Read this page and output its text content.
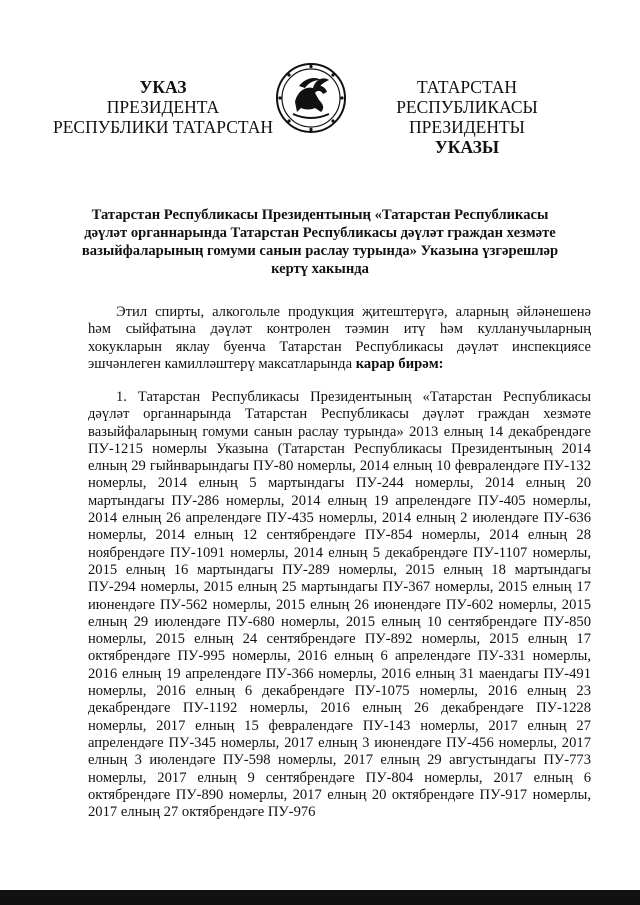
УКАЗ
ПРЕЗИДЕНТА
РЕСПУБЛИКИ ТАТАРСТАН
ТАТАРСТАН РЕСПУБЛИКАСЫ
ПРЕЗИДЕНТЫ
УКАЗЫ
Татарстан Республикасы Президентының «Татарстан Республикасы дәүләт органнарында Татарстан Республикасы дәүләт граждан хезмәте вазыйфаларының гомуми санын раслау турында» Указына үзгәрешләр кертү хакында
Этил спирты, алкогольле продукция җитештерүгә, аларның әйләнешенә һәм сыйфатына дәүләт контролен тәэмин итү һәм кулланучыларның хокукларын яклау буенча Татарстан Республикасы дәүләт инспекциясе эшчәнлеген камилләштерү максатларында карар бирәм:
1. Татарстан Республикасы Президентының «Татарстан Республикасы дәүләт органнарында Татарстан Республикасы дәүләт граждан хезмәте вазыйфаларының гомуми санын раслау турында» 2013 елның 14 декабрендәге ПУ-1215 номерлы Указына (Татарстан Республикасы Президентының 2014 елның 29 гыйнварындагы ПУ-80 номерлы, 2014 елның 10 февралендәге ПУ-132 номерлы, 2014 елның 5 мартындагы ПУ-244 номерлы, 2014 елның 20 мартындагы ПУ-286 номерлы, 2014 елның 19 апрелендәге ПУ-405 номерлы, 2014 елның 26 апрелендәге ПУ-435 номерлы, 2014 елның 2 июлендәге ПУ-636 номерлы, 2014 елның 12 сентябрендәге ПУ-854 номерлы, 2014 елның 28 ноябрендәге ПУ-1091 номерлы, 2014 елның 5 декабрендәге ПУ-1107 номерлы, 2015 елның 16 мартындагы ПУ-289 номерлы, 2015 елның 18 мартындагы ПУ-294 номерлы, 2015 елның 25 мартындагы ПУ-367 номерлы, 2015 елның 17 июнендәге ПУ-562 номерлы, 2015 елның 26 июнендәге ПУ-602 номерлы, 2015 елның 29 июлендәге ПУ-680 номерлы, 2015 елның 10 сентябрендәге ПУ-850 номерлы, 2015 елның 24 сентябрендәге ПУ-892 номерлы, 2015 елның 17 октябрендәге ПУ-995 номерлы, 2016 елның 6 апрелендәге ПУ-331 номерлы, 2016 елның 19 апрелендәге ПУ-366 номерлы, 2016 елның 31 маендагы ПУ-491 номерлы, 2016 елның 6 декабрендәге ПУ-1075 номерлы, 2016 елның 23 декабрендәге ПУ-1192 номерлы, 2016 елның 26 декабрендәге ПУ-1228 номерлы, 2017 елның 15 февралендәге ПУ-143 номерлы, 2017 елның 27 апрелендәге ПУ-345 номерлы, 2017 елның 3 июнендәге ПУ-456 номерлы, 2017 елның 3 июлендәге ПУ-598 номерлы, 2017 елның 29 августындагы ПУ-773 номерлы, 2017 елның 9 сентябрендәге ПУ-804 номерлы, 2017 елның 6 октябрендәге ПУ-890 номерлы, 2017 елның 20 октябрендәге ПУ-917 номерлы, 2017 елның 27 октябрендәге ПУ-976
